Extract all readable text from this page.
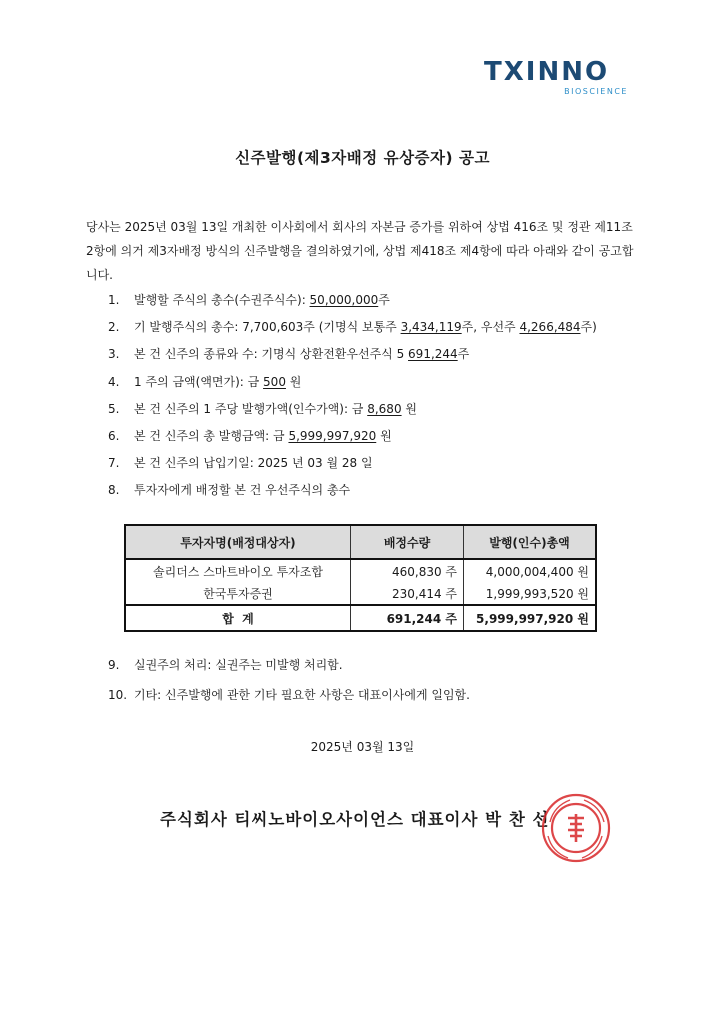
TXINNO
BIOSCIENCE
신주발행(제3자배정 유상증자) 공고
당사는 2025년 03월 13일 개최한 이사회에서 회사의 자본금 증가를 위하여 상법 416조 및 정관 제11조 2항에 의거 제3자배정 방식의 신주발행을 결의하였기에, 상법 제418조 제4항에 따라 아래와 같이 공고합니다.
1. 발행할 주식의 총수(수권주식수): 50,000,000주
2. 기 발행주식의 총수: 7,700,603주 (기명식 보통주 3,434,119주, 우선주 4,266,484주)
3. 본 건 신주의 종류와 수: 기명식 상환전환우선주식 5 691,244주
4. 1 주의 금액(액면가): 금 500 원
5. 본 건 신주의 1 주당 발행가액(인수가액): 금 8,680 원
6. 본 건 신주의 총 발행금액: 금 5,999,997,920 원
7. 본 건 신주의 납입기일: 2025 년 03 월 28 일
8. 투자자에게 배정할 본 건 우선주식의 총수
투자자명(배정대상자)	배정수량	발행(인수)총액
솔리더스 스마트바이오 투자조합	460,830 주	4,000,004,400 원
한국투자증권	230,414 주	1,999,993,520 원
합  계	691,244 주	5,999,997,920 원
9. 실권주의 처리: 실권주는 미발행 처리함.
10. 기타: 신주발행에 관한 기타 필요한 사항은 대표이사에게 일임함.
2025년 03월 13일
주식회사 티씨노바이오사이언스 대표이사 박 찬 선
